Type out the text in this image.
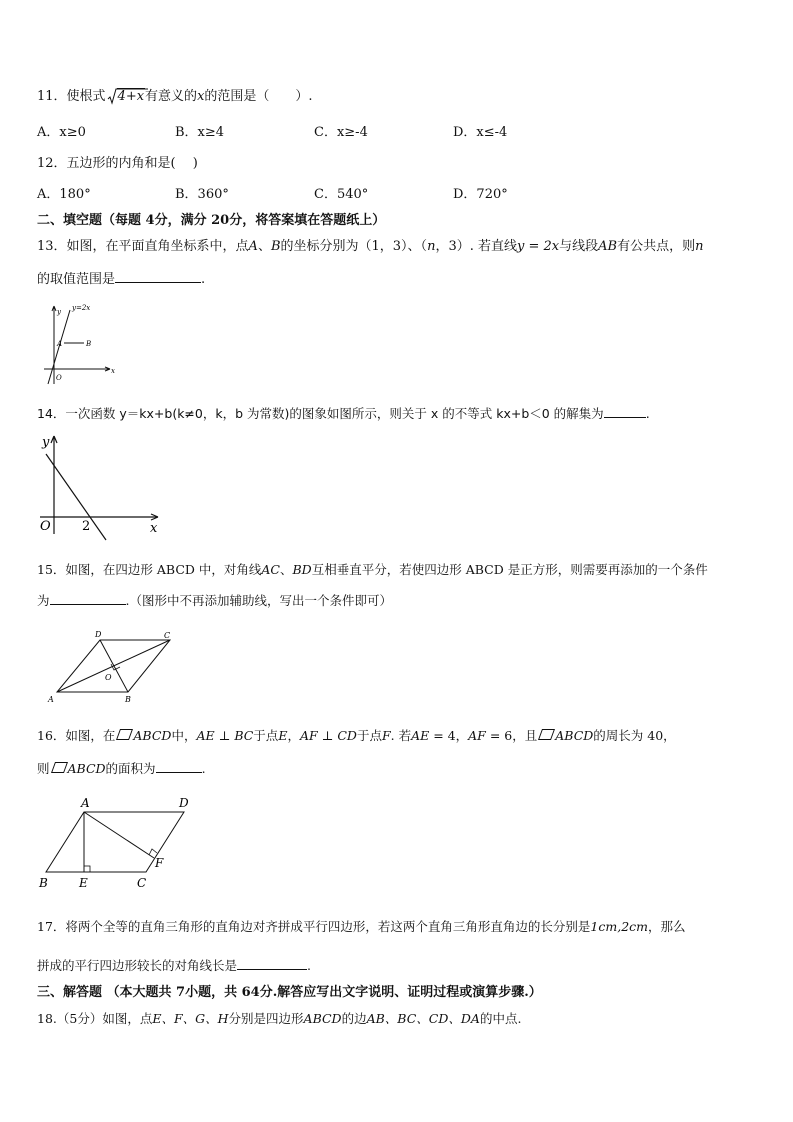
11．使根式 4+x有意义的x的范围是（　　）.
A．x≥0	B．x≥4	C．x≥-4	D．x≤-4
12．五边形的内角和是(　 )
A．180°	B．360°	C．540°	D．720°
二、填空题（每题 4分，满分 20分，将答案填在答题纸上）
13．如图，在平面直角坐标系中，点A、B的坐标分别为（1，3）、（n，3）. 若直线y = 2x与线段AB有公共点，则n
的取值范围是	.
y=2x
y
x
O
A	B
14．一次函数 y＝kx+b(k≠0，k，b 为常数)的图象如图所示，则关于 x 的不等式 kx+b＜0 的解集为	.
y
x
O 2
15．如图，在四边形 ABCD 中，对角线AC、BD互相垂直平分，若使四边形 ABCD 是正方形，则需要再添加的一个条件
为	.（图形中不再添加辅助线，写出一个条件即可）
A	B
C
D
O
16．如图，在 ABCD中，AE ⊥ BC于点E，AF ⊥ CD于点F. 若AE = 4，AF = 6，且 ABCD的周长为 40，
则 ABCD的面积为	.
A	D
B	E	C
F
17．将两个全等的直角三角形的直角边对齐拼成平行四边形，若这两个直角三角形直角边的长分别是1cm,2cm，那么
拼成的平行四边形较长的对角线长是	.
三、解答题 （本大题共 7小题，共 64分.解答应写出文字说明、证明过程或演算步骤.）
18.（5分）如图，点E、F、G、H分别是四边形ABCD的边AB、BC、CD、DA的中点.
